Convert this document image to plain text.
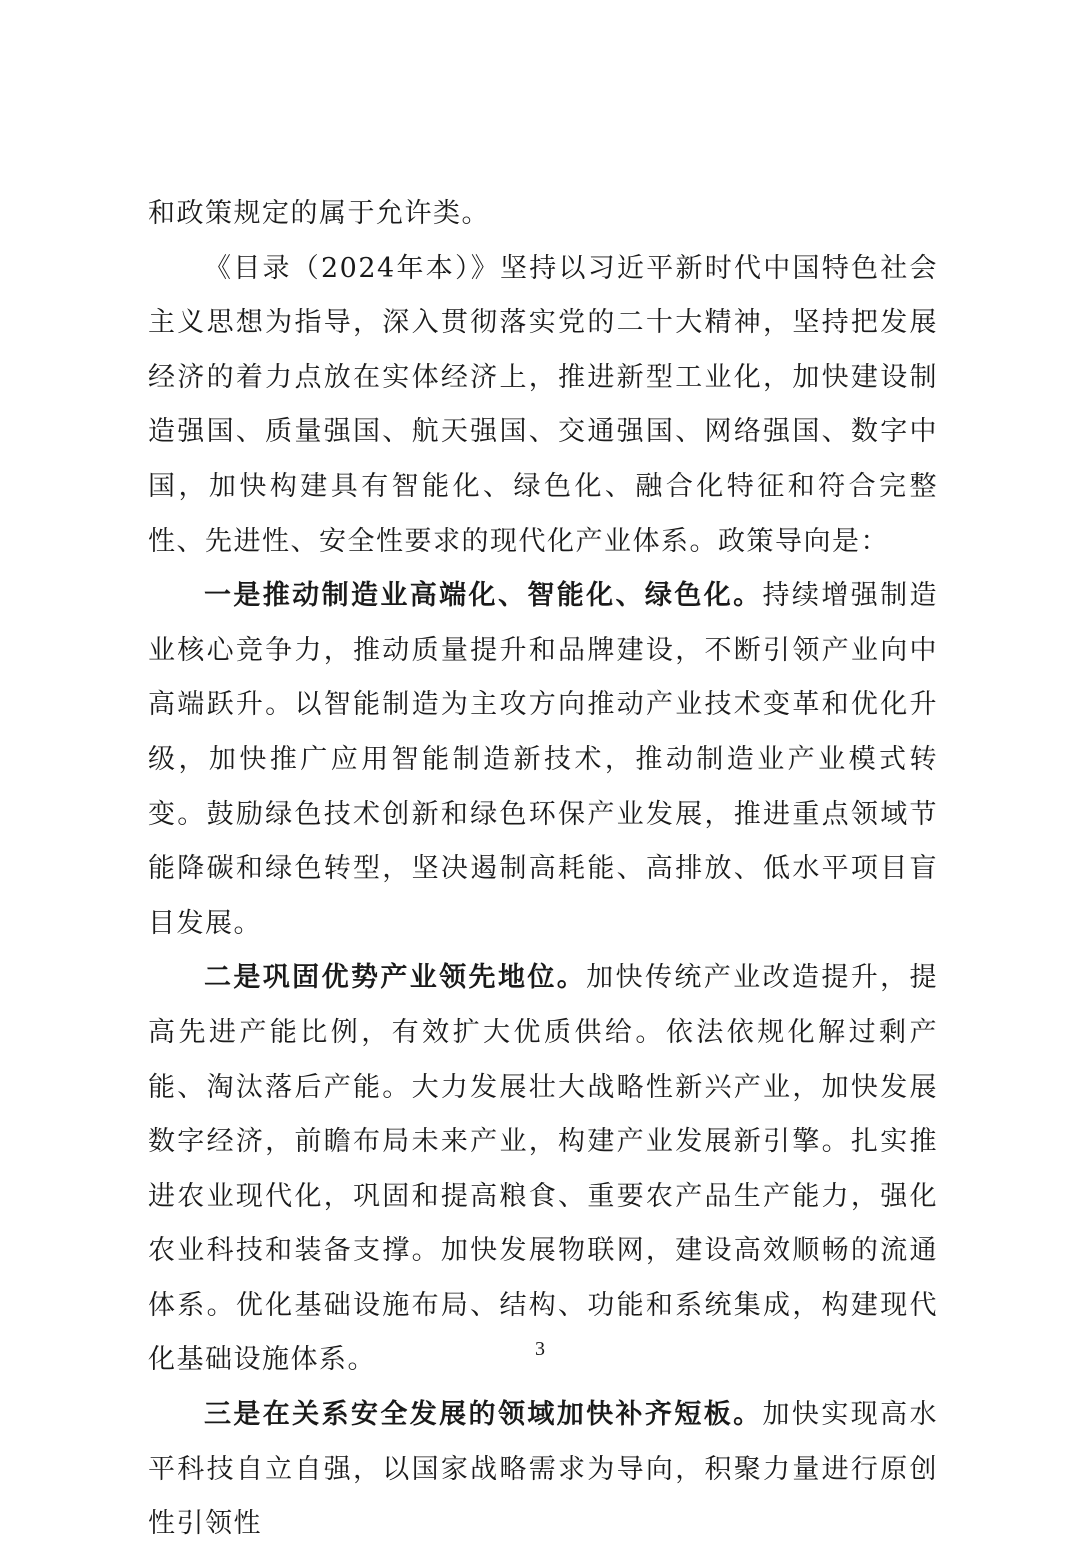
和政策规定的属于允许类。

《目录（2024年本）》坚持以习近平新时代中国特色社会主义思想为指导，深入贯彻落实党的二十大精神，坚持把发展经济的着力点放在实体经济上，推进新型工业化，加快建设制造强国、质量强国、航天强国、交通强国、网络强国、数字中国，加快构建具有智能化、绿色化、融合化特征和符合完整性、先进性、安全性要求的现代化产业体系。政策导向是：

一是推动制造业高端化、智能化、绿色化。持续增强制造业核心竞争力，推动质量提升和品牌建设，不断引领产业向中高端跃升。以智能制造为主攻方向推动产业技术变革和优化升级，加快推广应用智能制造新技术，推动制造业产业模式转变。鼓励绿色技术创新和绿色环保产业发展，推进重点领域节能降碳和绿色转型，坚决遏制高耗能、高排放、低水平项目盲目发展。

二是巩固优势产业领先地位。加快传统产业改造提升，提高先进产能比例，有效扩大优质供给。依法依规化解过剩产能、淘汰落后产能。大力发展壮大战略性新兴产业，加快发展数字经济，前瞻布局未来产业，构建产业发展新引擎。扎实推进农业现代化，巩固和提高粮食、重要农产品生产能力，强化农业科技和装备支撑。加快发展物联网，建设高效顺畅的流通体系。优化基础设施布局、结构、功能和系统集成，构建现代化基础设施体系。

三是在关系安全发展的领域加快补齐短板。加快实现高水平科技自立自强，以国家战略需求为导向，积聚力量进行原创性引领性

3
